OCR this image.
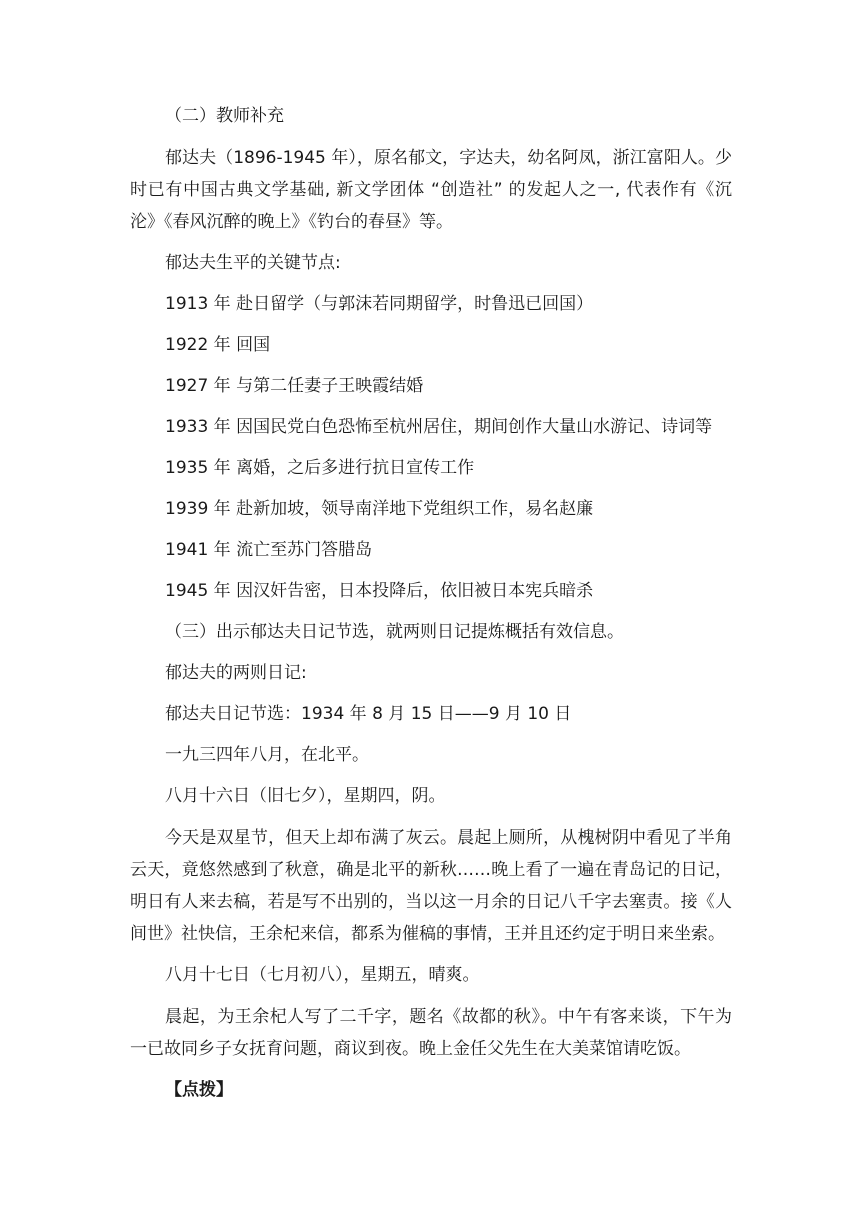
（二）教师补充

郁达夫（1896-1945 年），原名郁文，字达夫，幼名阿凤，浙江富阳人。少时已有中国古典文学基础, 新文学团体 “创造社” 的发起人之一, 代表作有《沉沦》《春风沉醉的晚上》《钓台的春昼》等。

郁达夫生平的关键节点:

1913 年 赴日留学（与郭沫若同期留学，时鲁迅已回国）

1922 年 回国

1927 年 与第二任妻子王映霞结婚

1933 年 因国民党白色恐怖至杭州居住，期间创作大量山水游记、诗词等

1935 年 离婚，之后多进行抗日宣传工作

1939 年 赴新加坡，领导南洋地下党组织工作，易名赵廉

1941 年 流亡至苏门答腊岛

1945 年 因汉奸告密，日本投降后，依旧被日本宪兵暗杀

（三）出示郁达夫日记节选，就两则日记提炼概括有效信息。

郁达夫的两则日记:

郁达夫日记节选：1934 年 8 月 15 日——9 月 10 日

一九三四年八月，在北平。

八月十六日（旧七夕），星期四，阴。

今天是双星节，但天上却布满了灰云。晨起上厕所，从槐树阴中看见了半角云天，竟悠然感到了秋意，确是北平的新秋……晚上看了一遍在青岛记的日记，明日有人来去稿，若是写不出别的，当以这一月余的日记八千字去塞责。接《人间世》社快信，王余杞来信，都系为催稿的事情，王并且还约定于明日来坐索。

八月十七日（七月初八），星期五，晴爽。

晨起，为王余杞人写了二千字，题名《故都的秋》。中午有客来谈，下午为一已故同乡子女抚育问题，商议到夜。晚上金任父先生在大美菜馆请吃饭。

【点拨】
